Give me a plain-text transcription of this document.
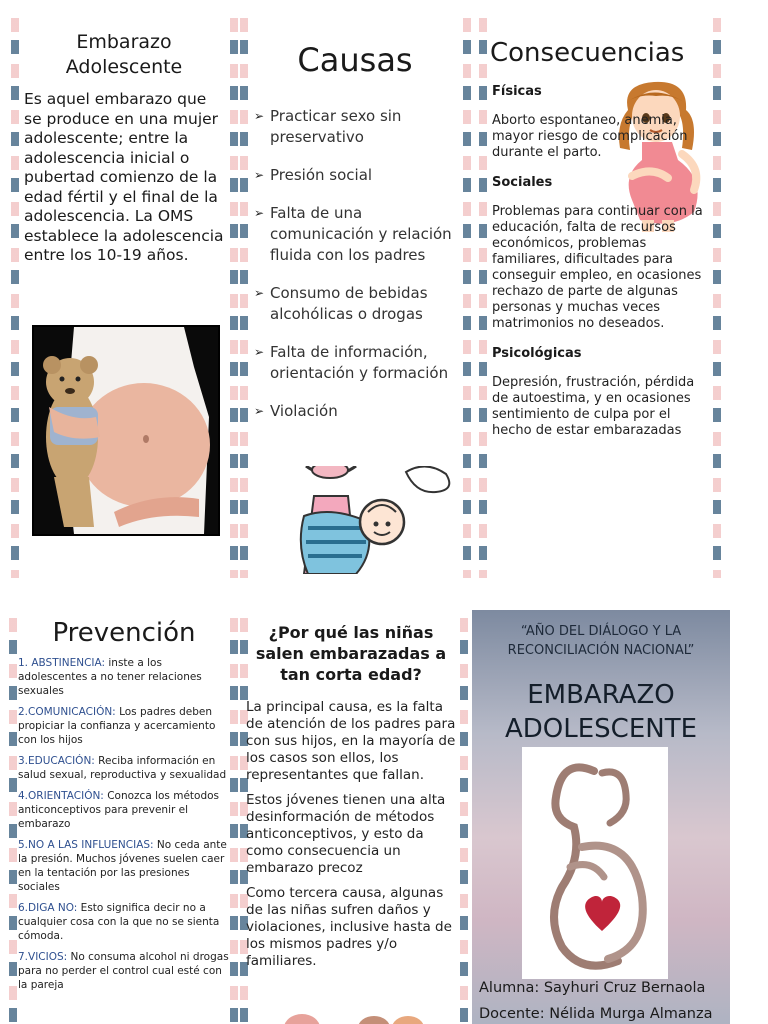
Embarazo Adolescente

Es aquel embarazo que se produce en una mujer adolescente; entre la adolescencia inicial o pubertad comienzo de la edad fértil y el final de la adolescencia. La OMS establece la adolescencia entre los 10-19 años.

Causas
➢ Practicar sexo sin preservativo
➢ Presión social
➢ Falta de una comunicación y relación fluida con los padres
➢ Consumo de bebidas alcohólicas o drogas
➢ Falta de información, orientación y formación
➢ Violación
Consecuencias
Físicas

Aborto espontaneo, anemia, mayor riesgo de complicación durante el parto.

Sociales

Problemas para continuar con la educación, falta de recursos económicos, problemas familiares, dificultades para conseguir empleo, en ocasiones rechazo de parte de algunas personas y muchas veces matrimonios no deseados.

Psicológicas

Depresión, frustración, pérdida de autoestima, y en ocasiones sentimiento de culpa por el hecho de estar embarazadas

Prevención
1. ABSTINENCIA: inste a los adolescentes a no tener relaciones sexuales
2.COMUNICACIÓN: Los padres deben propiciar la confianza y acercamiento con los hijos
3.EDUCACIÓN: Reciba información en salud sexual, reproductiva y sexualidad
4.ORIENTACIÓN: Conozca los métodos anticonceptivos para prevenir el embarazo
5.NO A LAS INFLUENCIAS: No ceda ante la presión. Muchos jóvenes suelen caer en la tentación por las presiones sociales
6.DIGA NO: Esto significa decir no a cualquier cosa con la que no se sienta cómoda.
7.VICIOS: No consuma alcohol ni drogas para no perder el control cual esté con la pareja
¿Por qué las niñas salen embarazadas a tan corta edad?

La principal causa, es la falta de atención de los padres para con sus hijos, en la mayoría de los casos son ellos, los representantes que fallan.

Estos jóvenes tienen una alta desinformación de métodos anticonceptivos, y esto da como consecuencia un embarazo precoz

Como tercera causa, algunas de las niñas sufren daños y violaciones, inclusive hasta de los mismos padres y/o familiares.

“AÑO DEL DIÁLOGO Y LA RECONCILIACIÓN NACIONAL”
EMBARAZO ADOLESCENTE
Alumna: Sayhuri Cruz Bernaola
Docente: Nélida Murga Almanza
